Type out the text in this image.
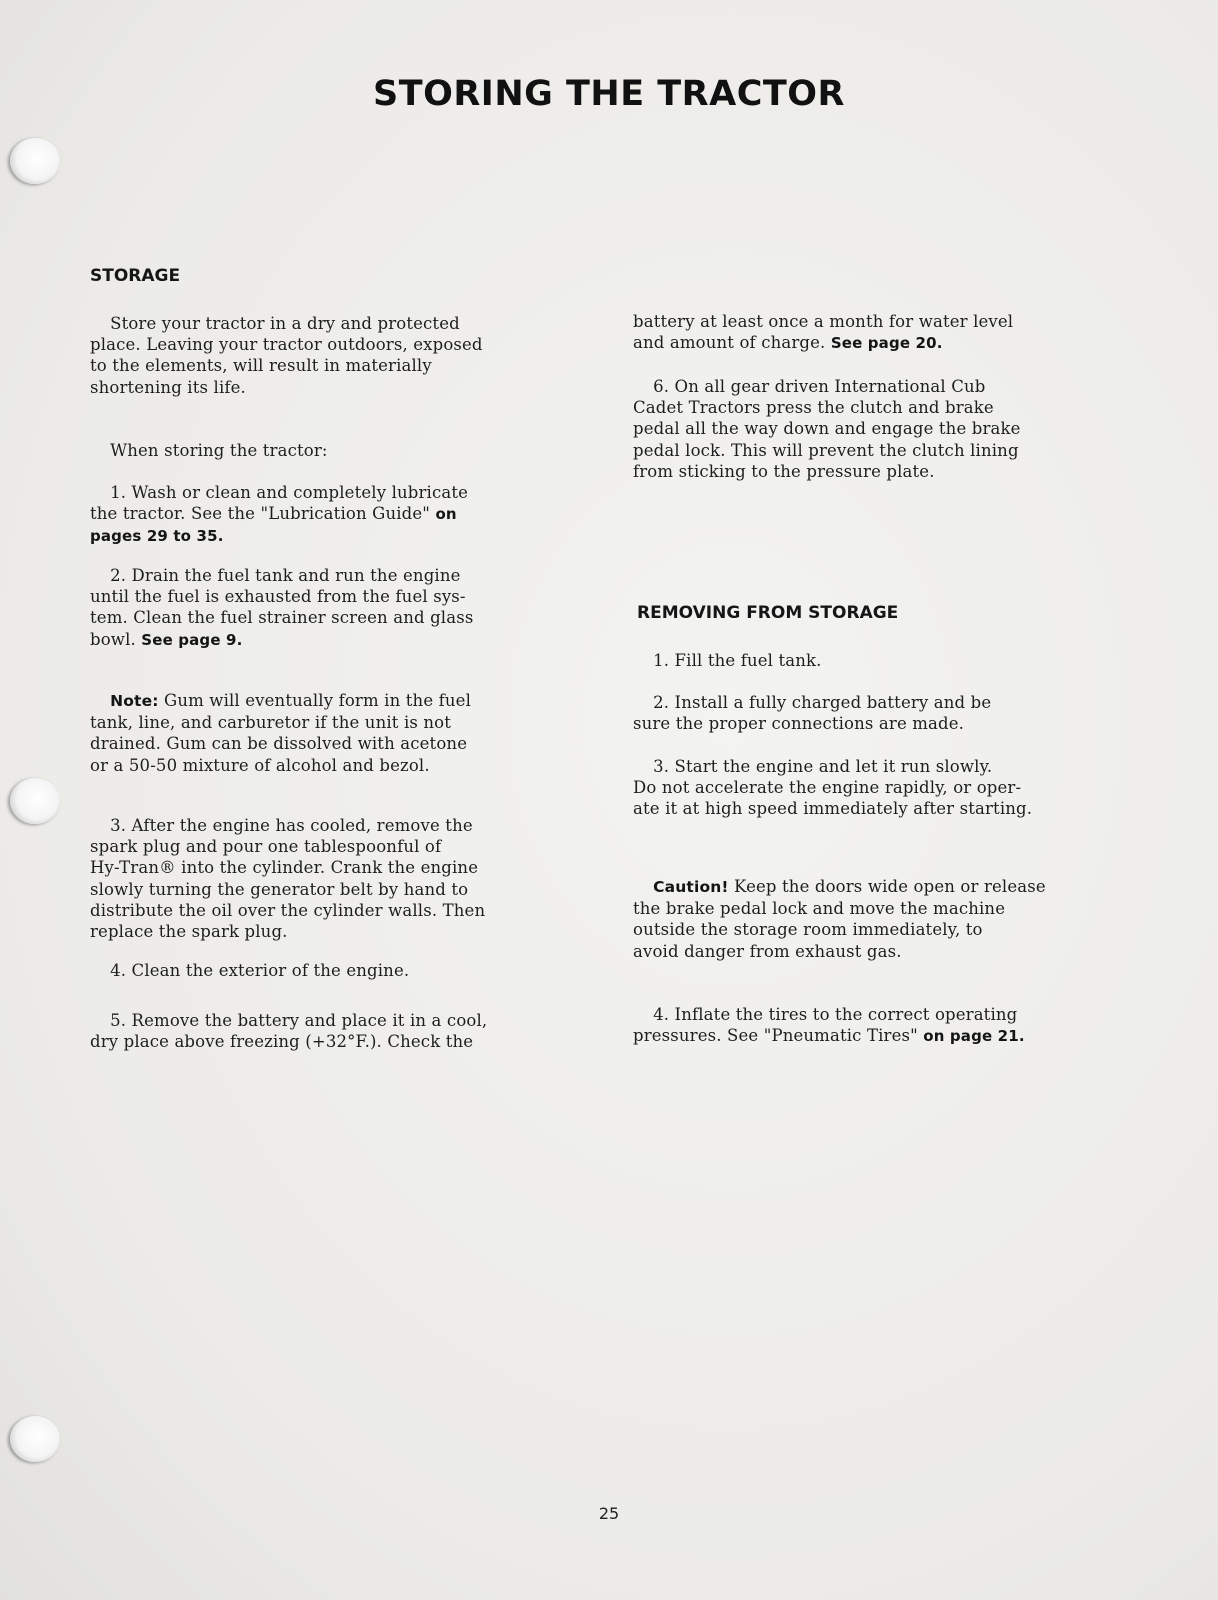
STORING THE TRACTOR
STORAGE

  Store your tractor in a dry and protected
place. Leaving your tractor outdoors, exposed
to the elements, will result in materially
shortening its life.

  When storing the tractor:

  1. Wash or clean and completely lubricate
the tractor. See the "Lubrication Guide" on
pages 29 to 35.

  2. Drain the fuel tank and run the engine
until the fuel is exhausted from the fuel sys-
tem. Clean the fuel strainer screen and glass
bowl. See page 9.

  Note: Gum will eventually form in the fuel
tank, line, and carburetor if the unit is not
drained. Gum can be dissolved with acetone
or a 50-50 mixture of alcohol and bezol.

  3. After the engine has cooled, remove the
spark plug and pour one tablespoonful of
Hy-Tran® into the cylinder. Crank the engine
slowly turning the generator belt by hand to
distribute the oil over the cylinder walls. Then
replace the spark plug.

  4. Clean the exterior of the engine.

  5. Remove the battery and place it in a cool,
dry place above freezing (+32°F.). Check the

battery at least once a month for water level
and amount of charge. See page 20.

  6. On all gear driven International Cub
Cadet Tractors press the clutch and brake
pedal all the way down and engage the brake
pedal lock. This will prevent the clutch lining
from sticking to the pressure plate.

REMOVING FROM STORAGE

  1. Fill the fuel tank.

  2. Install a fully charged battery and be
sure the proper connections are made.

  3. Start the engine and let it run slowly.
Do not accelerate the engine rapidly, or oper-
ate it at high speed immediately after starting.

  Caution! Keep the doors wide open or release
the brake pedal lock and move the machine
outside the storage room immediately, to
avoid danger from exhaust gas.

  4. Inflate the tires to the correct operating
pressures. See "Pneumatic Tires" on page 21.

25
